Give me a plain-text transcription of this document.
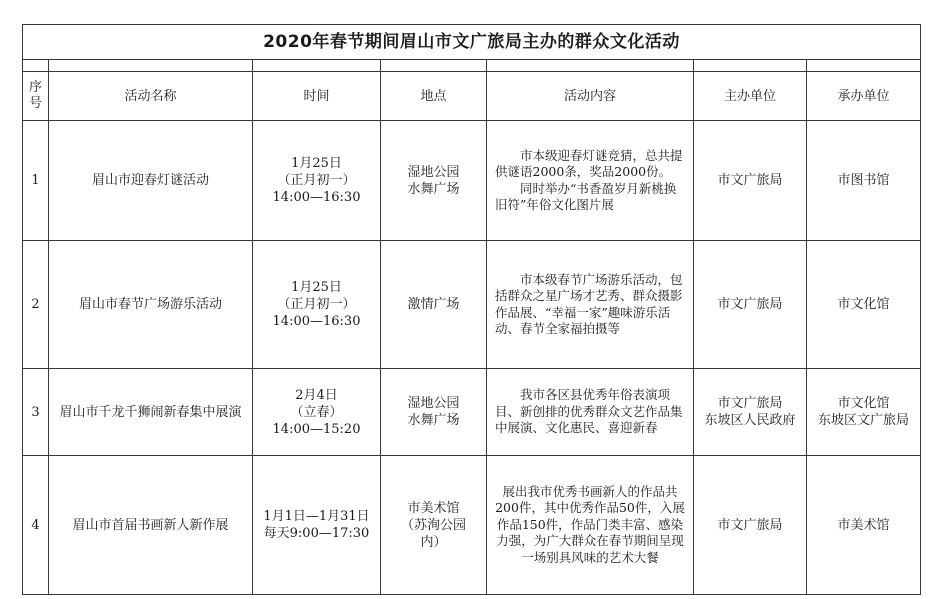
2020年春节期间眉山市文广旅局主办的群众文化活动						

序
号	活动名称	时间	地点	活动内容	主办单位	承办单位
1	眉山市迎春灯谜活动	1月25日
（正月初一）
14:00—16:30	湿地公园
水舞广场	市本级迎春灯谜竞猜，总共提供谜语2000条，奖品2000份。
同时举办“书香盈岁月新桃换旧符”年俗文化图片展	市文广旅局	市图书馆

2	眉山市春节广场游乐活动	1月25日
（正月初一）
14:00—16:30	激情广场	市本级春节广场游乐活动，包括群众之星广场才艺秀、群众摄影作品展、“幸福一家”趣味游乐活动、春节全家福拍摄等	市文广旅局	市文化馆

3	眉山市千龙千狮闹新春集中展演	2月4日
（立春）
14:00—15:20	湿地公园
水舞广场	我市各区县优秀年俗表演项目、新创排的优秀群众文艺作品集中展演、文化惠民、喜迎新春	市文广旅局
东坡区人民政府	市文化馆
东坡区文广旅局

4	眉山市首届书画新人新作展	1月1日—1月31日
每天9:00—17:30	市美术馆
（苏洵公园
内）	展出我市优秀书画新人的作品共200件，其中优秀作品50件，入展作品150件，作品门类丰富、感染力强，为广大群众在春节期间呈现一场别具风味的艺术大餐	市文广旅局	市美术馆
